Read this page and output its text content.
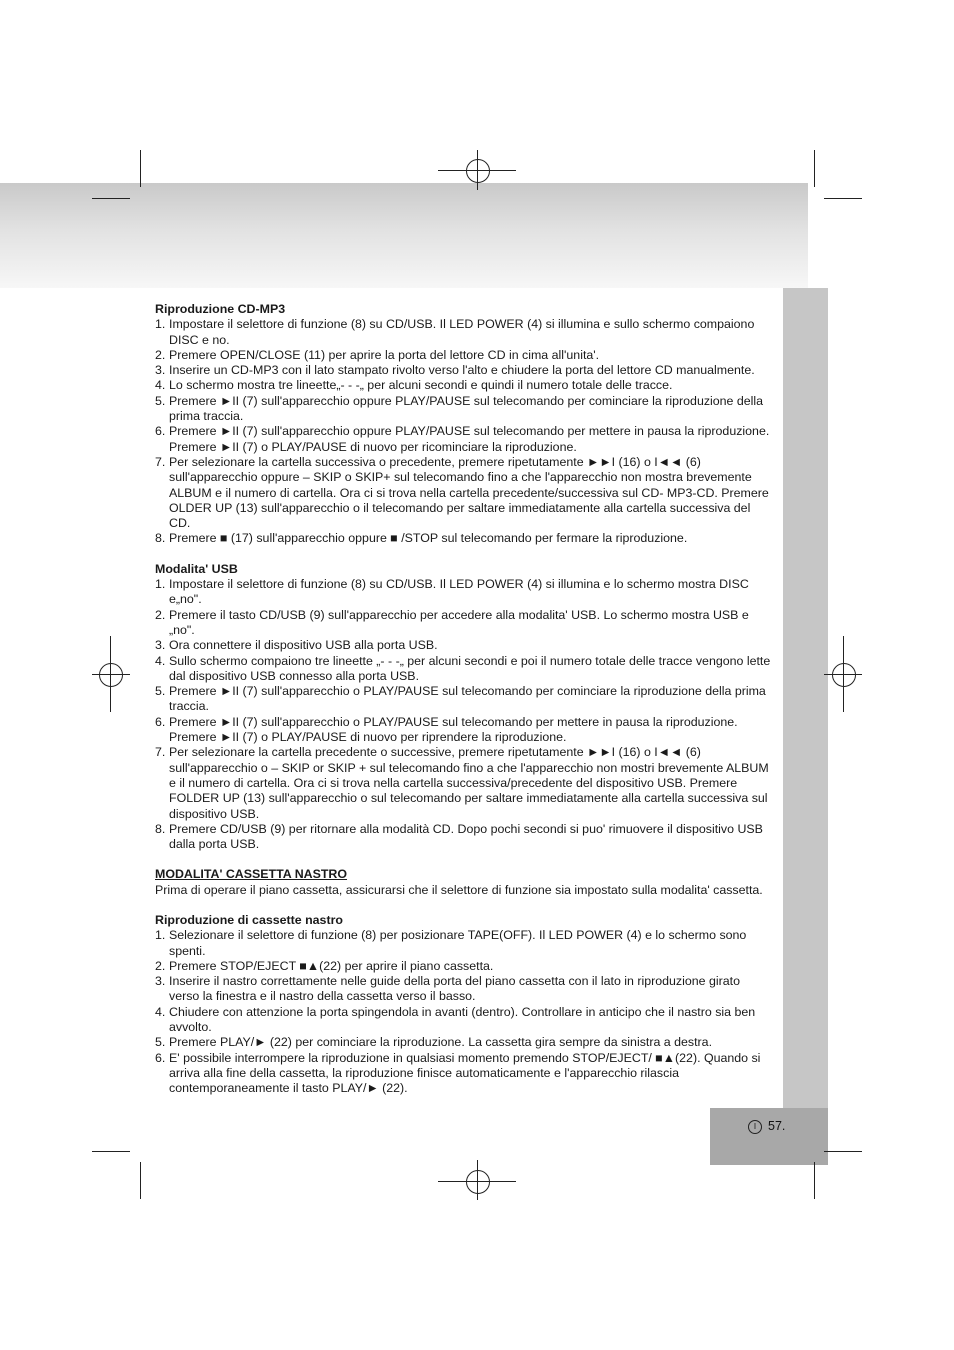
I 57.
Riproduzione CD-MP3
1. Impostare il selettore di funzione (8) su CD/USB. Il LED POWER (4) si illumina e sullo schermo compaiono DISC e no.
2. Premere OPEN/CLOSE (11) per aprire la porta del lettore CD in cima all'unita'.
3. Inserire un CD-MP3 con il lato stampato rivolto verso l'alto e chiudere la porta del lettore CD manualmente.
4. Lo schermo mostra tre lineette„- - -„ per alcuni secondi e quindi il numero totale delle tracce.
5. Premere ►II (7) sull'apparecchio oppure PLAY/PAUSE sul telecomando per cominciare la riproduzione della prima traccia.
6. Premere ►II (7) sull'apparecchio oppure PLAY/PAUSE sul telecomando per mettere in pausa la riproduzione. Premere ►II (7) o PLAY/PAUSE di nuovo per ricominciare la riproduzione.
7. Per selezionare la cartella successiva o precedente, premere ripetutamente ►►I (16) o I◄◄ (6) sull'apparecchio oppure – SKIP o SKIP+ sul telecomando fino a che l'apparecchio non mostra brevemente ALBUM e il numero di cartella. Ora ci si trova nella cartella precedente/successiva sul CD- MP3-CD. Premere OLDER UP (13) sull'apparecchio o il telecomando per saltare immediatamente alla cartella successiva del CD.
8. Premere ■ (17) sull'apparecchio oppure ■ /STOP sul telecomando per fermare la riproduzione.
Modalita' USB
1. Impostare il selettore di funzione (8) su CD/USB. Il LED POWER (4) si illumina e lo schermo mostra DISC e„no".
2. Premere il tasto CD/USB (9) sull'apparecchio per accedere alla modalita' USB. Lo schermo mostra USB e „no".
3. Ora connettere il dispositivo USB alla porta USB.
4. Sullo schermo compaiono tre lineette „- - -„ per alcuni secondi e poi il numero totale delle tracce vengono lette dal dispositivo USB connesso alla porta USB.
5. Premere ►II (7) sull'apparecchio o PLAY/PAUSE sul telecomando per cominciare la riproduzione della prima traccia.
6. Premere ►II (7) sull'apparecchio o PLAY/PAUSE sul telecomando per mettere in pausa la riproduzione. Premere ►II (7) o PLAY/PAUSE di nuovo per riprendere la riproduzione.
7. Per selezionare la cartella precedente o successive, premere ripetutamente ►►I (16) o I◄◄ (6) sull'apparecchio o – SKIP or SKIP + sul telecomando fino a che l'apparecchio non mostri brevemente ALBUM e il numero di cartella. Ora ci si trova nella cartella successiva/precedente del dispositivo USB. Premere FOLDER UP (13) sull'apparecchio o sul telecomando per saltare immediatamente alla cartella successiva sul dispositivo USB.
8. Premere CD/USB (9) per ritornare alla modalità CD. Dopo pochi secondi si puo' rimuovere il dispositivo USB dalla porta USB.
MODALITA' CASSETTA NASTRO

Prima di operare il piano cassetta, assicurarsi che il selettore di funzione sia impostato sulla modalita' cassetta.

Riproduzione di cassette nastro
1. Selezionare il selettore di funzione (8) per posizionare TAPE(OFF). Il LED POWER (4) e lo schermo sono spenti.
2. Premere STOP/EJECT ■▲(22) per aprire il piano cassetta.
3. Inserire il nastro correttamente nelle guide della porta del piano cassetta con il lato in riproduzione girato verso la finestra e il nastro della cassetta verso il basso.
4. Chiudere con attenzione la porta spingendola in avanti (dentro). Controllare in anticipo che il nastro sia ben avvolto.
5. Premere PLAY/► (22) per cominciare la riproduzione. La cassetta gira sempre da sinistra a destra.
6. E' possibile interrompere la riproduzione in qualsiasi momento premendo STOP/EJECT/ ■▲(22). Quando si arriva alla fine della cassetta, la riproduzione finisce automaticamente e l'apparecchio rilascia contemporaneamente il tasto PLAY/► (22).
